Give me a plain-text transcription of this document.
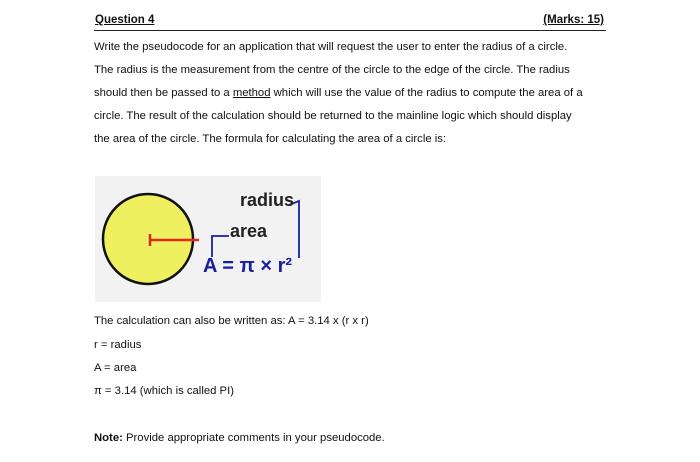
Question 4	(Marks: 15)
Write the pseudocode for an application that will request the user to enter the radius of a circle.
The radius is the measurement from the centre of the circle to the edge of the circle. The radius
should then be passed to a method which will use the value of the radius to compute the area of a
circle. The result of the calculation should be returned to the mainline logic which should display
the area of the circle. The formula for calculating the area of a circle is:
radius
area
A = π × r²
The calculation can also be written as: A = 3.14 x (r x r)
r = radius
A = area
π = 3.14 (which is called PI)
Note: Provide appropriate comments in your pseudocode.
